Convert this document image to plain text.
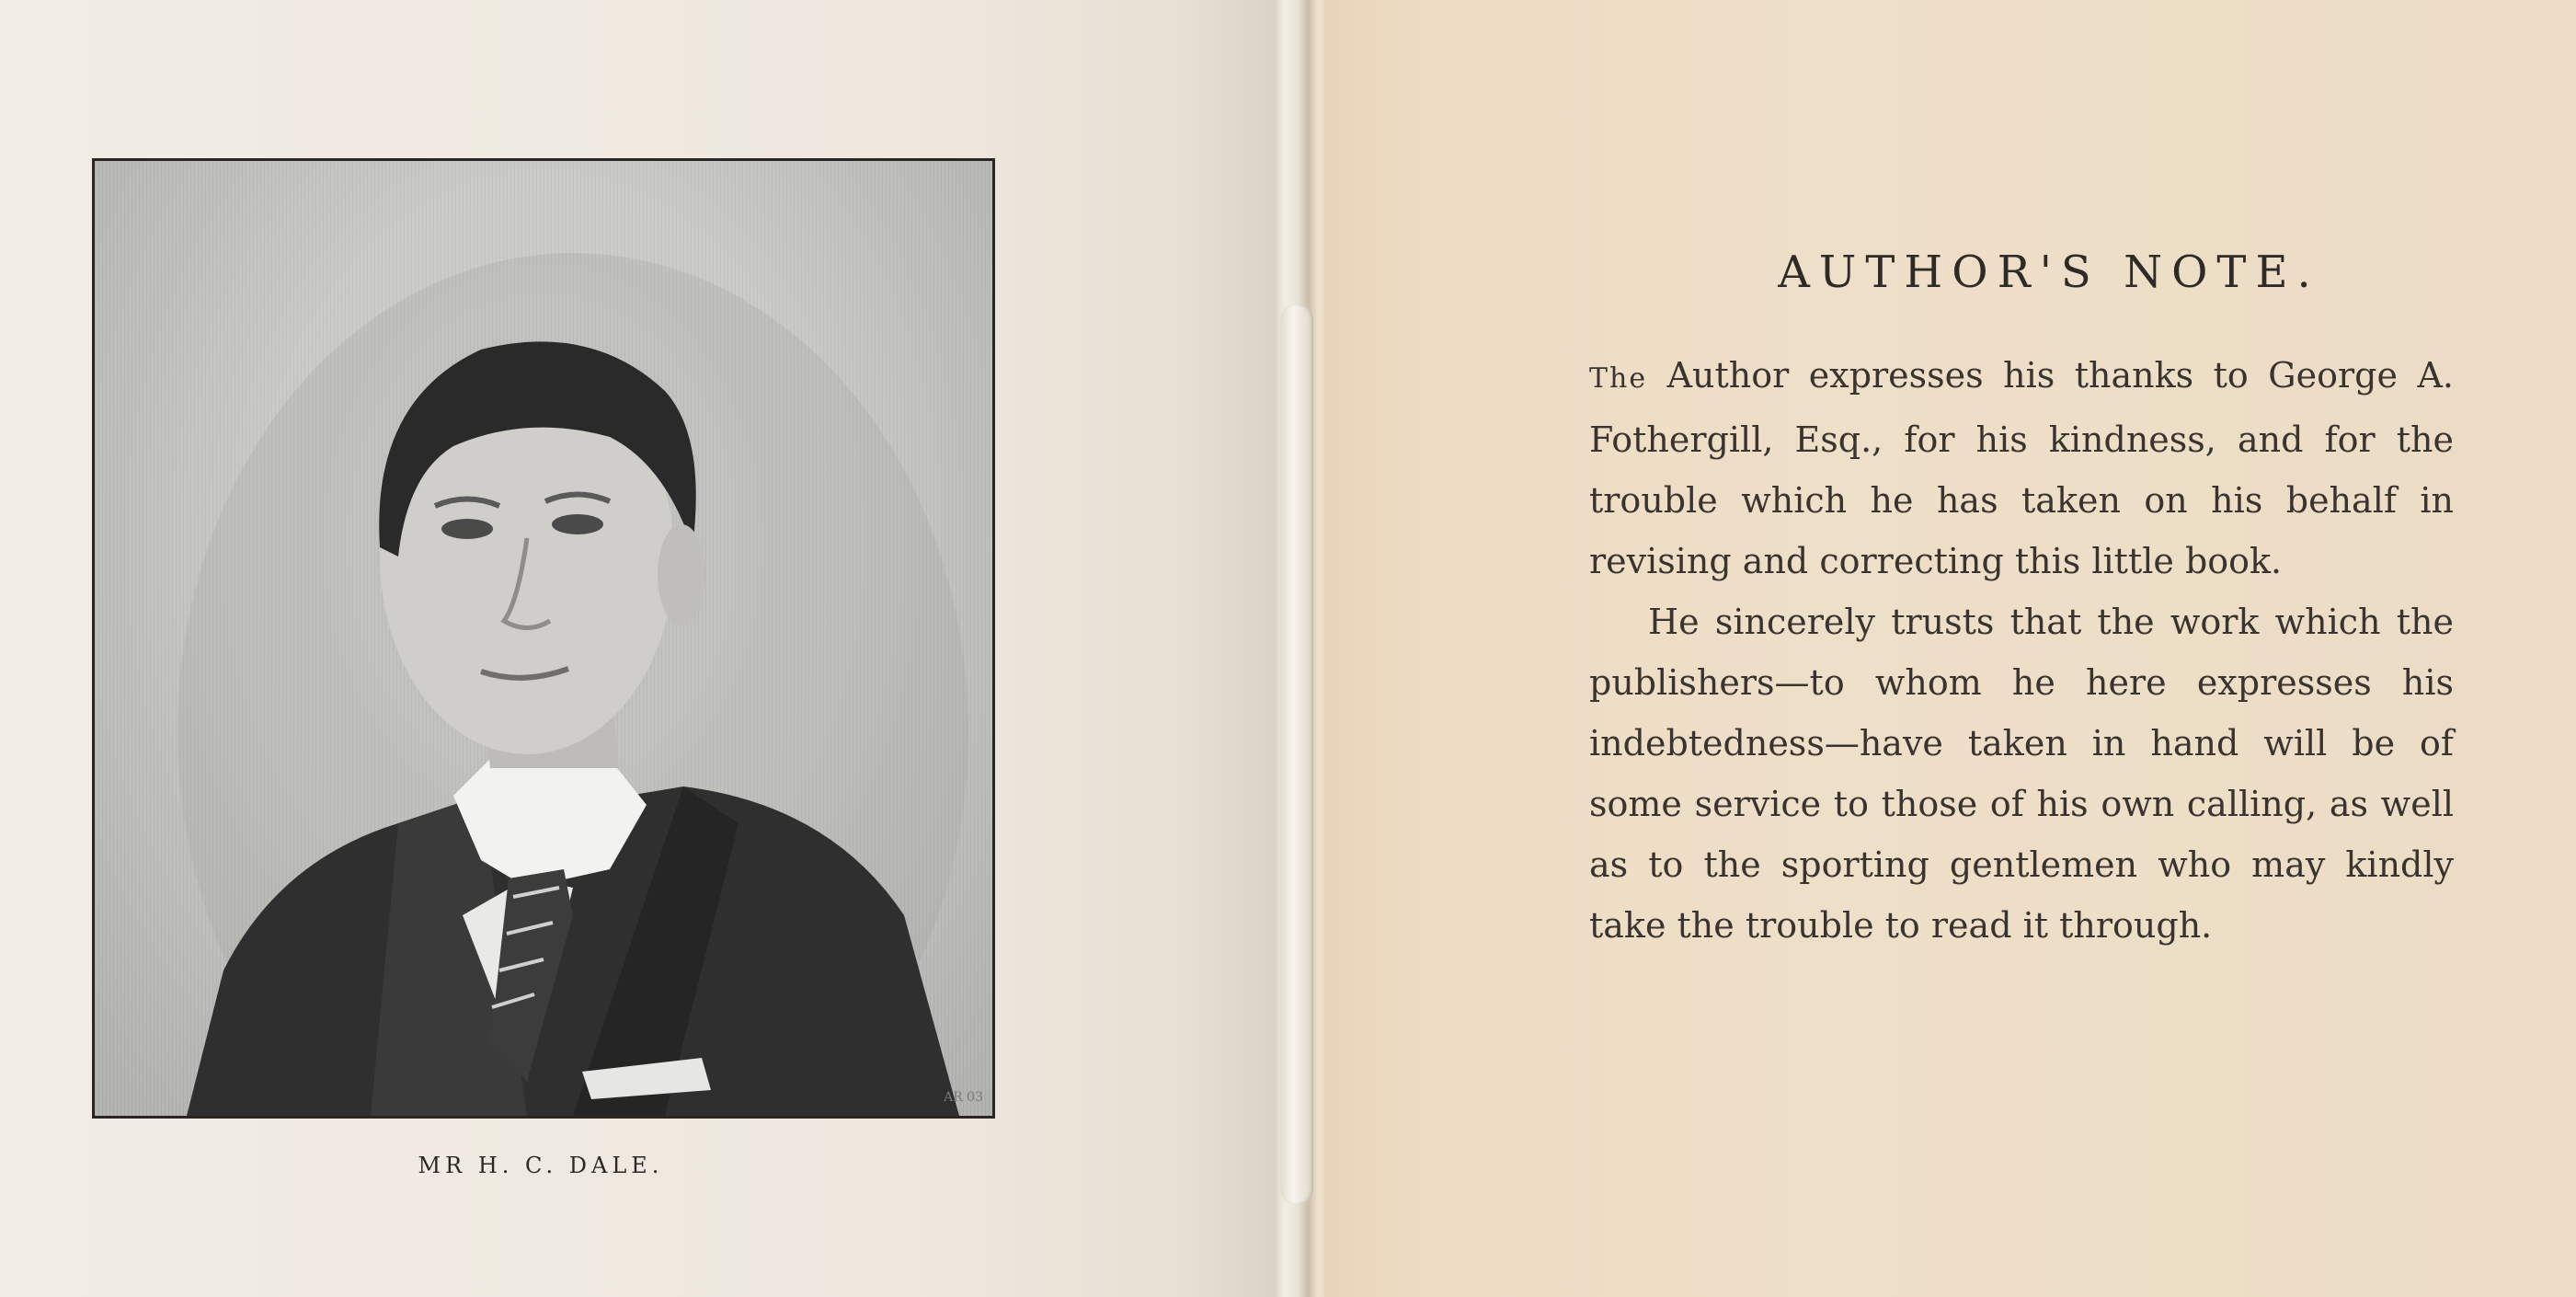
AR 03
MR H. C. DALE.
AUTHOR'S NOTE.

The Author expresses his thanks to George A. Fothergill, Esq., for his kindness, and for the trouble which he has taken on his behalf in revising and correcting this little book.

He sincerely trusts that the work which the publishers—to whom he here expresses his indebtedness—have taken in hand will be of some service to those of his own calling, as well as to the sporting gentlemen who may kindly take the trouble to read it through.
